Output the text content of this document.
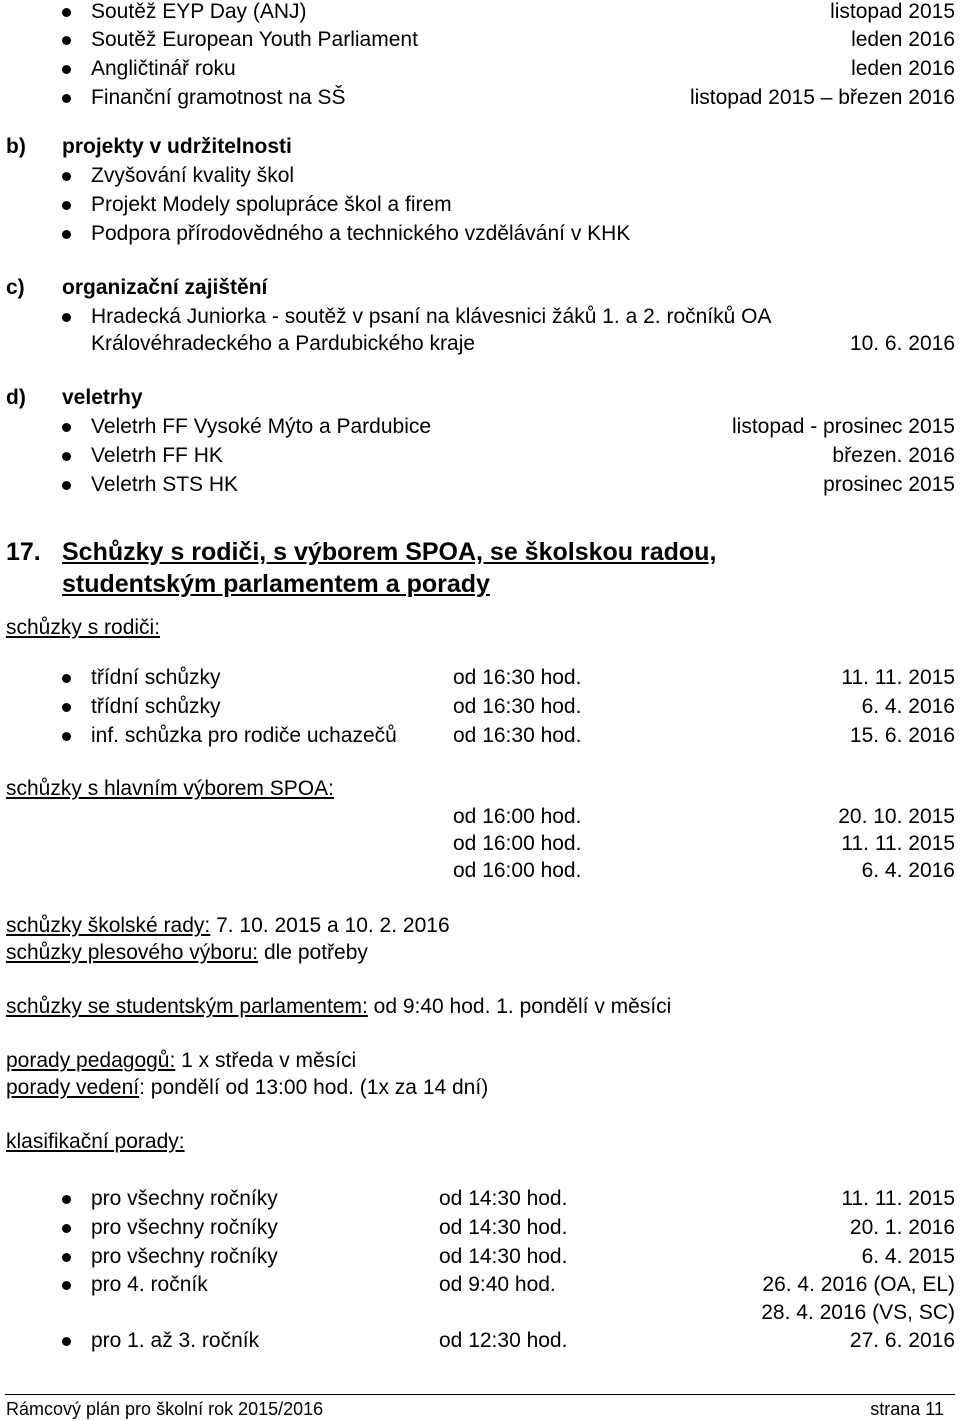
Soutěž EYP Day (ANJ)	listopad 2015
Soutěž European Youth Parliament	leden 2016
Angličtinář roku	leden 2016
Finanční gramotnost na SŠ	listopad 2015 – březen 2016
b) projekty v udržitelnosti
Zvyšování kvality škol
Projekt Modely spolupráce škol a firem
Podpora přírodovědného a technického vzdělávání v KHK
c) organizační zajištění
Hradecká Juniorka - soutěž v psaní na klávesnici žáků 1. a 2. ročníků OA
Královéhradeckého a Pardubického kraje	10. 6. 2016
d) veletrhy
Veletrh FF Vysoké Mýto a Pardubice	listopad - prosinec 2015
Veletrh FF HK	březen. 2016
Veletrh STS HK	prosinec 2015
17. Schůzky s rodiči, s výborem SPOA, se školskou radou,
studentským parlamentem a porady
schůzky s rodiči:
třídní schůzky	od 16:30 hod.	11. 11. 2015
třídní schůzky	od 16:30 hod.	6. 4. 2016
inf. schůzka pro rodiče uchazečů	od 16:30 hod.	15. 6. 2016
schůzky s hlavním výborem SPOA:
od 16:00 hod.	20. 10. 2015
od 16:00 hod.	11. 11. 2015
od 16:00 hod.	6. 4. 2016
schůzky školské rady: 7. 10. 2015 a 10. 2. 2016
schůzky plesového výboru: dle potřeby
schůzky se studentským parlamentem: od 9:40 hod. 1. pondělí v měsíci
porady pedagogů: 1 x středa v měsíci
porady vedení: pondělí od 13:00 hod. (1x za 14 dní)
klasifikační porady:
pro všechny ročníky	od 14:30 hod.	11. 11. 2015
pro všechny ročníky	od 14:30 hod.	20. 1. 2016
pro všechny ročníky	od 14:30 hod.	6. 4. 2015
pro 4. ročník	od 9:40 hod.	26. 4. 2016 (OA, EL)
28. 4. 2016 (VS, SC)
pro 1. až 3. ročník	od 12:30 hod.	27. 6. 2016
Rámcový plán pro školní rok 2015/2016	strana 11
